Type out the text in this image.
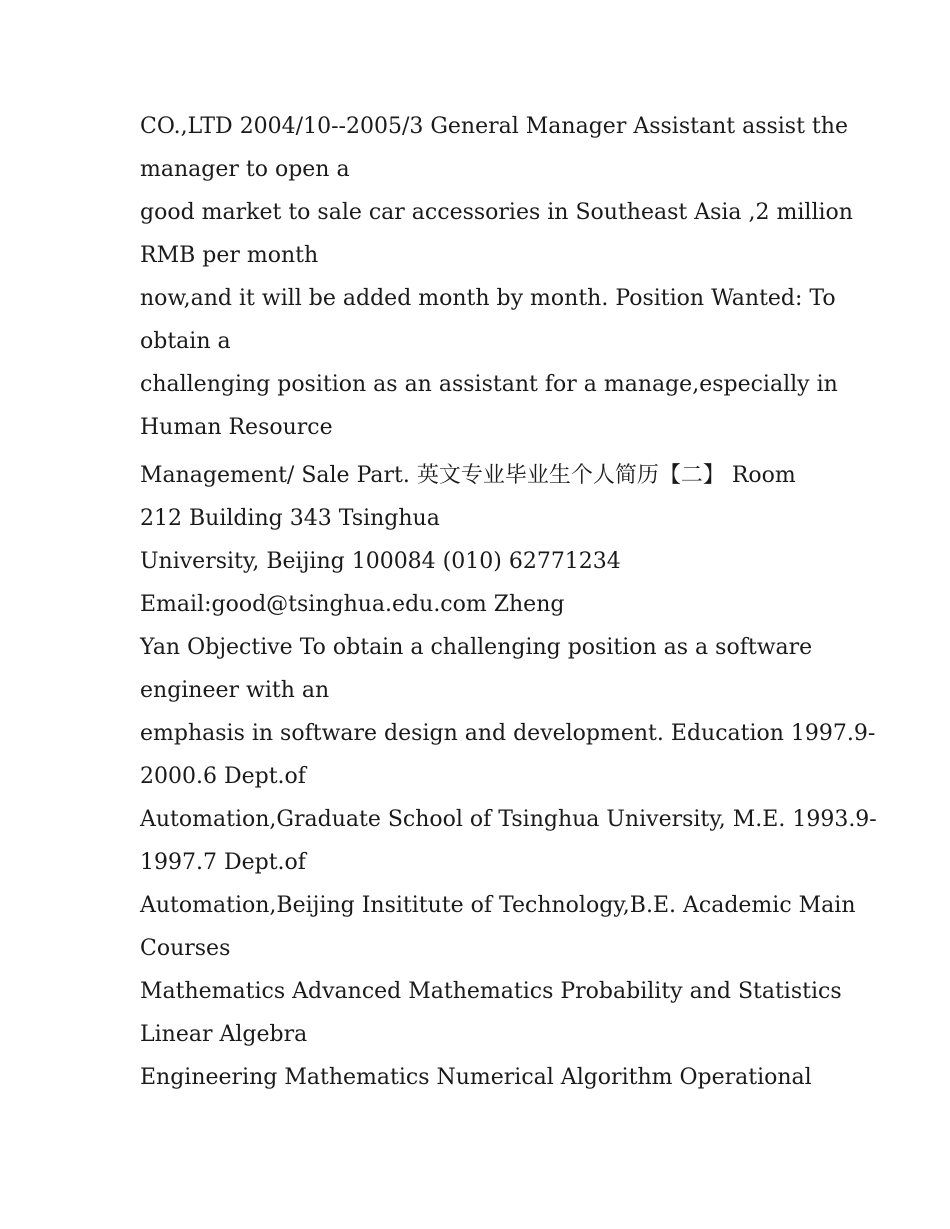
CO.,LTD 2004/10--2005/3 General Manager Assistant assist the
manager to open a

good market to sale car accessories in Southeast Asia ,2 million
RMB per month

now,and it will be added month by month. Position Wanted: To
obtain a

challenging position as an assistant for a manage,especially in
Human Resource

Management/ Sale Part. 英文专业毕业生个人简历【二】 Room
212 Building 343 Tsinghua

University, Beijing 100084 (010) 62771234

Email:good@tsinghua.edu.com Zheng

Yan Objective To obtain a challenging position as a software
engineer with an

emphasis in software design and development. Education 1997.9-
2000.6 Dept.of

Automation,Graduate School of Tsinghua University, M.E. 1993.9-
1997.7 Dept.of

Automation,Beijing Insititute of Technology,B.E. Academic Main
Courses

Mathematics Advanced Mathematics Probability and Statistics
Linear Algebra

Engineering Mathematics Numerical Algorithm Operational
